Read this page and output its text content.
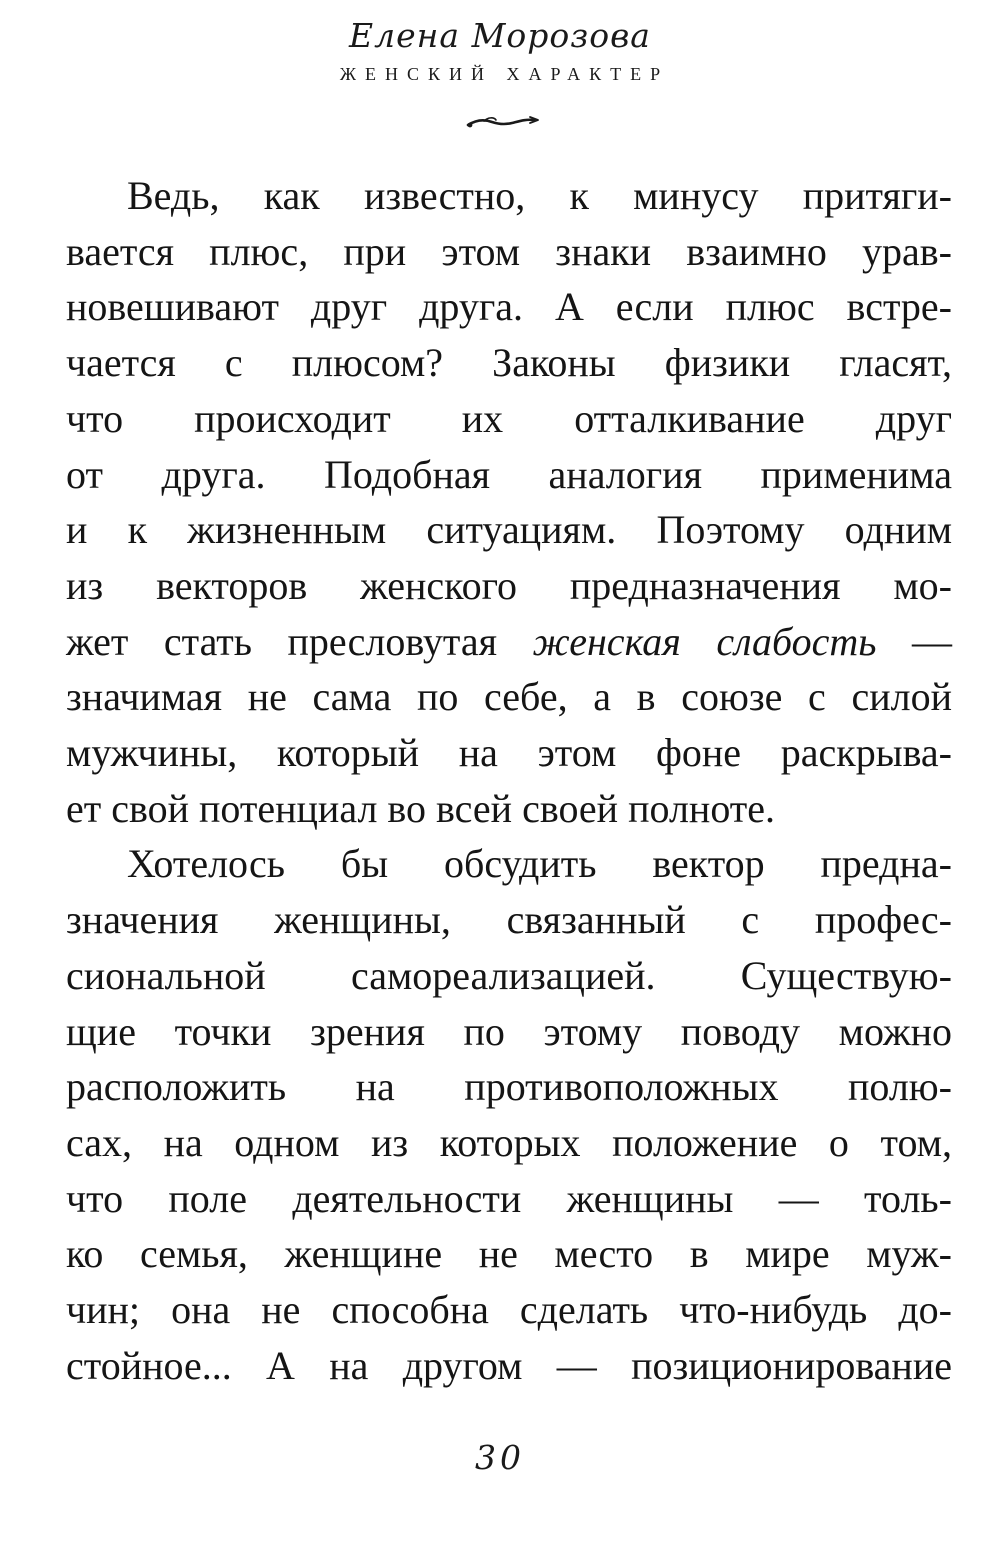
Елена Морозова
ЖЕНСКИЙ ХАРАКТЕР

Ведь, как известно, к минусу притяги-
вается плюс, при этом знаки взаимно урав-
новешивают друг друга. А если плюс встре-
чается с плюсом? Законы физики гласят,
что происходит их отталкивание друг
от друга. Подобная аналогия применима
и к жизненным ситуациям. Поэтому одним
из векторов женского предназначения мо-
жет стать пресловутая женская слабость —
значимая не сама по себе, а в союзе с силой
мужчины, который на этом фоне раскрыва-
ет свой потенциал во всей своей полноте.

Хотелось бы обсудить вектор предна-
значения женщины, связанный с профес-
сиональной самореализацией. Существую-
щие точки зрения по этому поводу можно
расположить на противоположных полю-
сах, на одном из которых положение о том,
что поле деятельности женщины — толь-
ко семья, женщине не место в мире муж-
чин; она не способна сделать что-нибудь до-
стойное... А на другом — позиционирование

30
